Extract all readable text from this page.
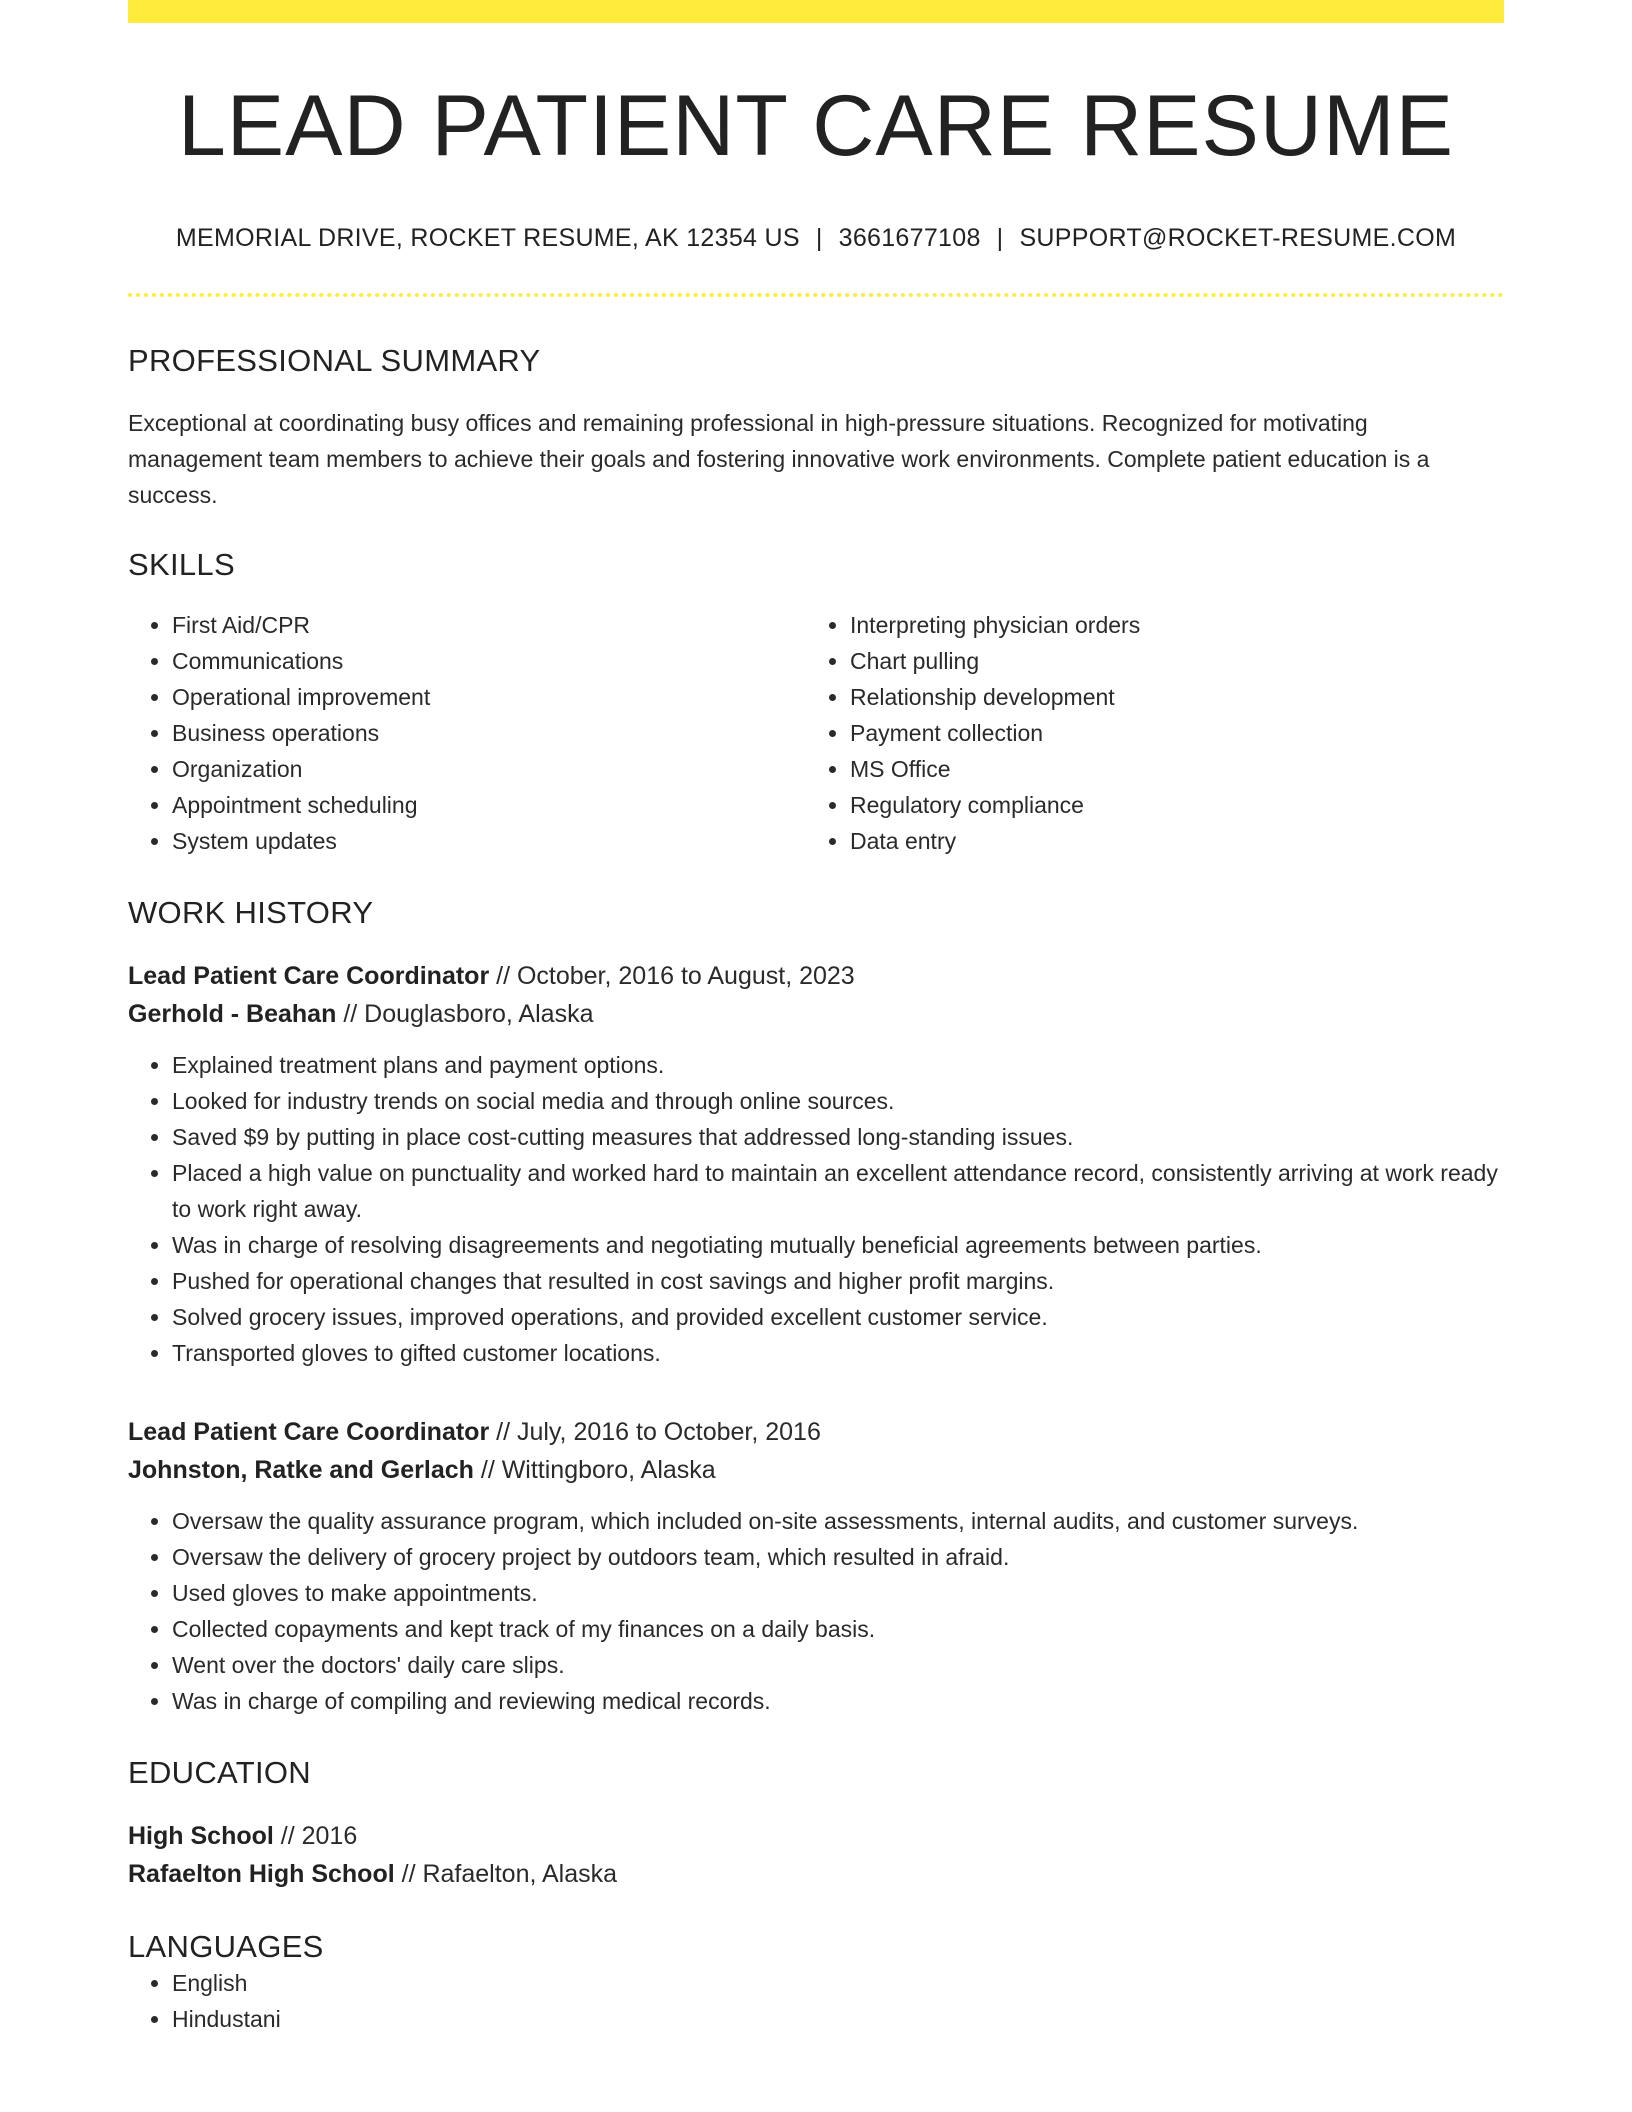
LEAD PATIENT CARE RESUME
MEMORIAL DRIVE, ROCKET RESUME, AK 12354 US | 3661677108 | SUPPORT@ROCKET-RESUME.COM
PROFESSIONAL SUMMARY

Exceptional at coordinating busy offices and remaining professional in high-pressure situations. Recognized for motivating management team members to achieve their goals and fostering innovative work environments. Complete patient education is a success.

SKILLS
• First Aid/CPR
• Communications
• Operational improvement
• Business operations
• Organization
• Appointment scheduling
• System updates
• Interpreting physician orders
• Chart pulling
• Relationship development
• Payment collection
• MS Office
• Regulatory compliance
• Data entry
WORK HISTORY
Lead Patient Care Coordinator // October, 2016 to August, 2023
Gerhold - Beahan // Douglasboro, Alaska
• Explained treatment plans and payment options.
• Looked for industry trends on social media and through online sources.
• Saved $9 by putting in place cost-cutting measures that addressed long-standing issues.
• Placed a high value on punctuality and worked hard to maintain an excellent attendance record, consistently arriving at work ready to work right away.
• Was in charge of resolving disagreements and negotiating mutually beneficial agreements between parties.
• Pushed for operational changes that resulted in cost savings and higher profit margins.
• Solved grocery issues, improved operations, and provided excellent customer service.
• Transported gloves to gifted customer locations.
Lead Patient Care Coordinator // July, 2016 to October, 2016
Johnston, Ratke and Gerlach // Wittingboro, Alaska
• Oversaw the quality assurance program, which included on-site assessments, internal audits, and customer surveys.
• Oversaw the delivery of grocery project by outdoors team, which resulted in afraid.
• Used gloves to make appointments.
• Collected copayments and kept track of my finances on a daily basis.
• Went over the doctors' daily care slips.
• Was in charge of compiling and reviewing medical records.
EDUCATION
High School // 2016
Rafaelton High School // Rafaelton, Alaska
LANGUAGES
• English
• Hindustani
